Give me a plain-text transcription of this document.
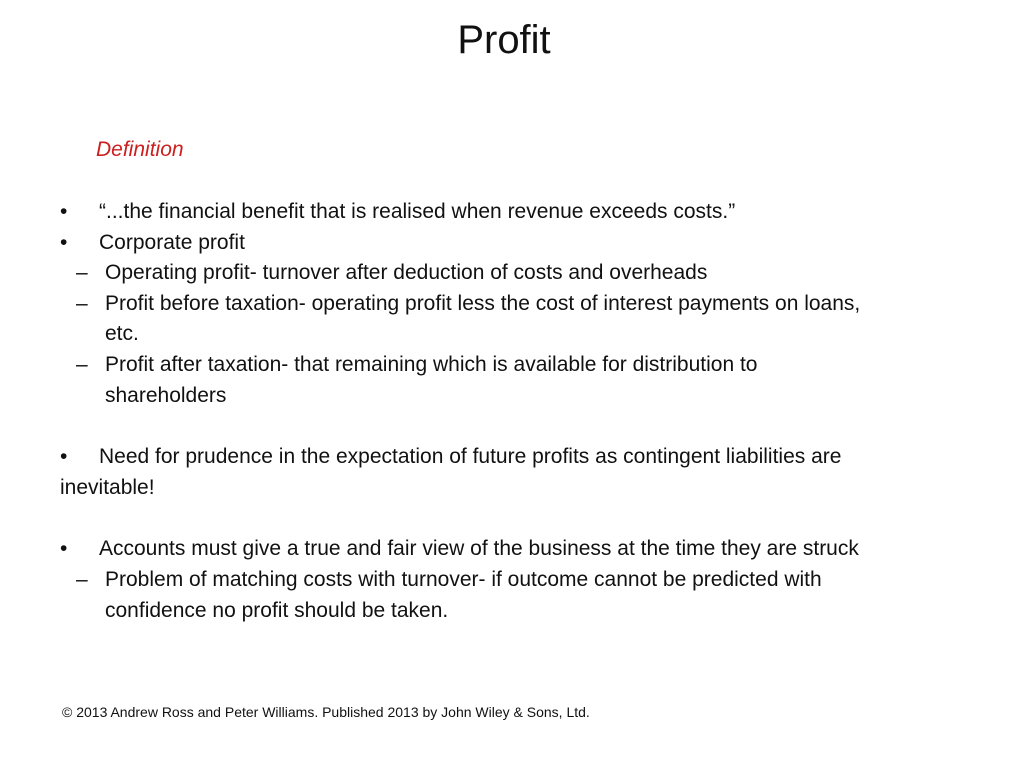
Profit
Definition
• “...the financial benefit that is realised when revenue exceeds costs.”
• Corporate profit
– Operating profit- turnover after deduction of costs and overheads
– Profit before taxation- operating profit less the cost of interest payments on loans,
etc.
– Profit after taxation- that remaining which is available for distribution to
shareholders
• Need for prudence in the expectation of future profits as contingent liabilities are
inevitable!
• Accounts must give a true and fair view of the business at the time they are struck
– Problem of matching costs with turnover- if outcome cannot be predicted with
confidence no profit should be taken.
© 2013 Andrew Ross and Peter Williams. Published 2013 by John Wiley & Sons, Ltd.
